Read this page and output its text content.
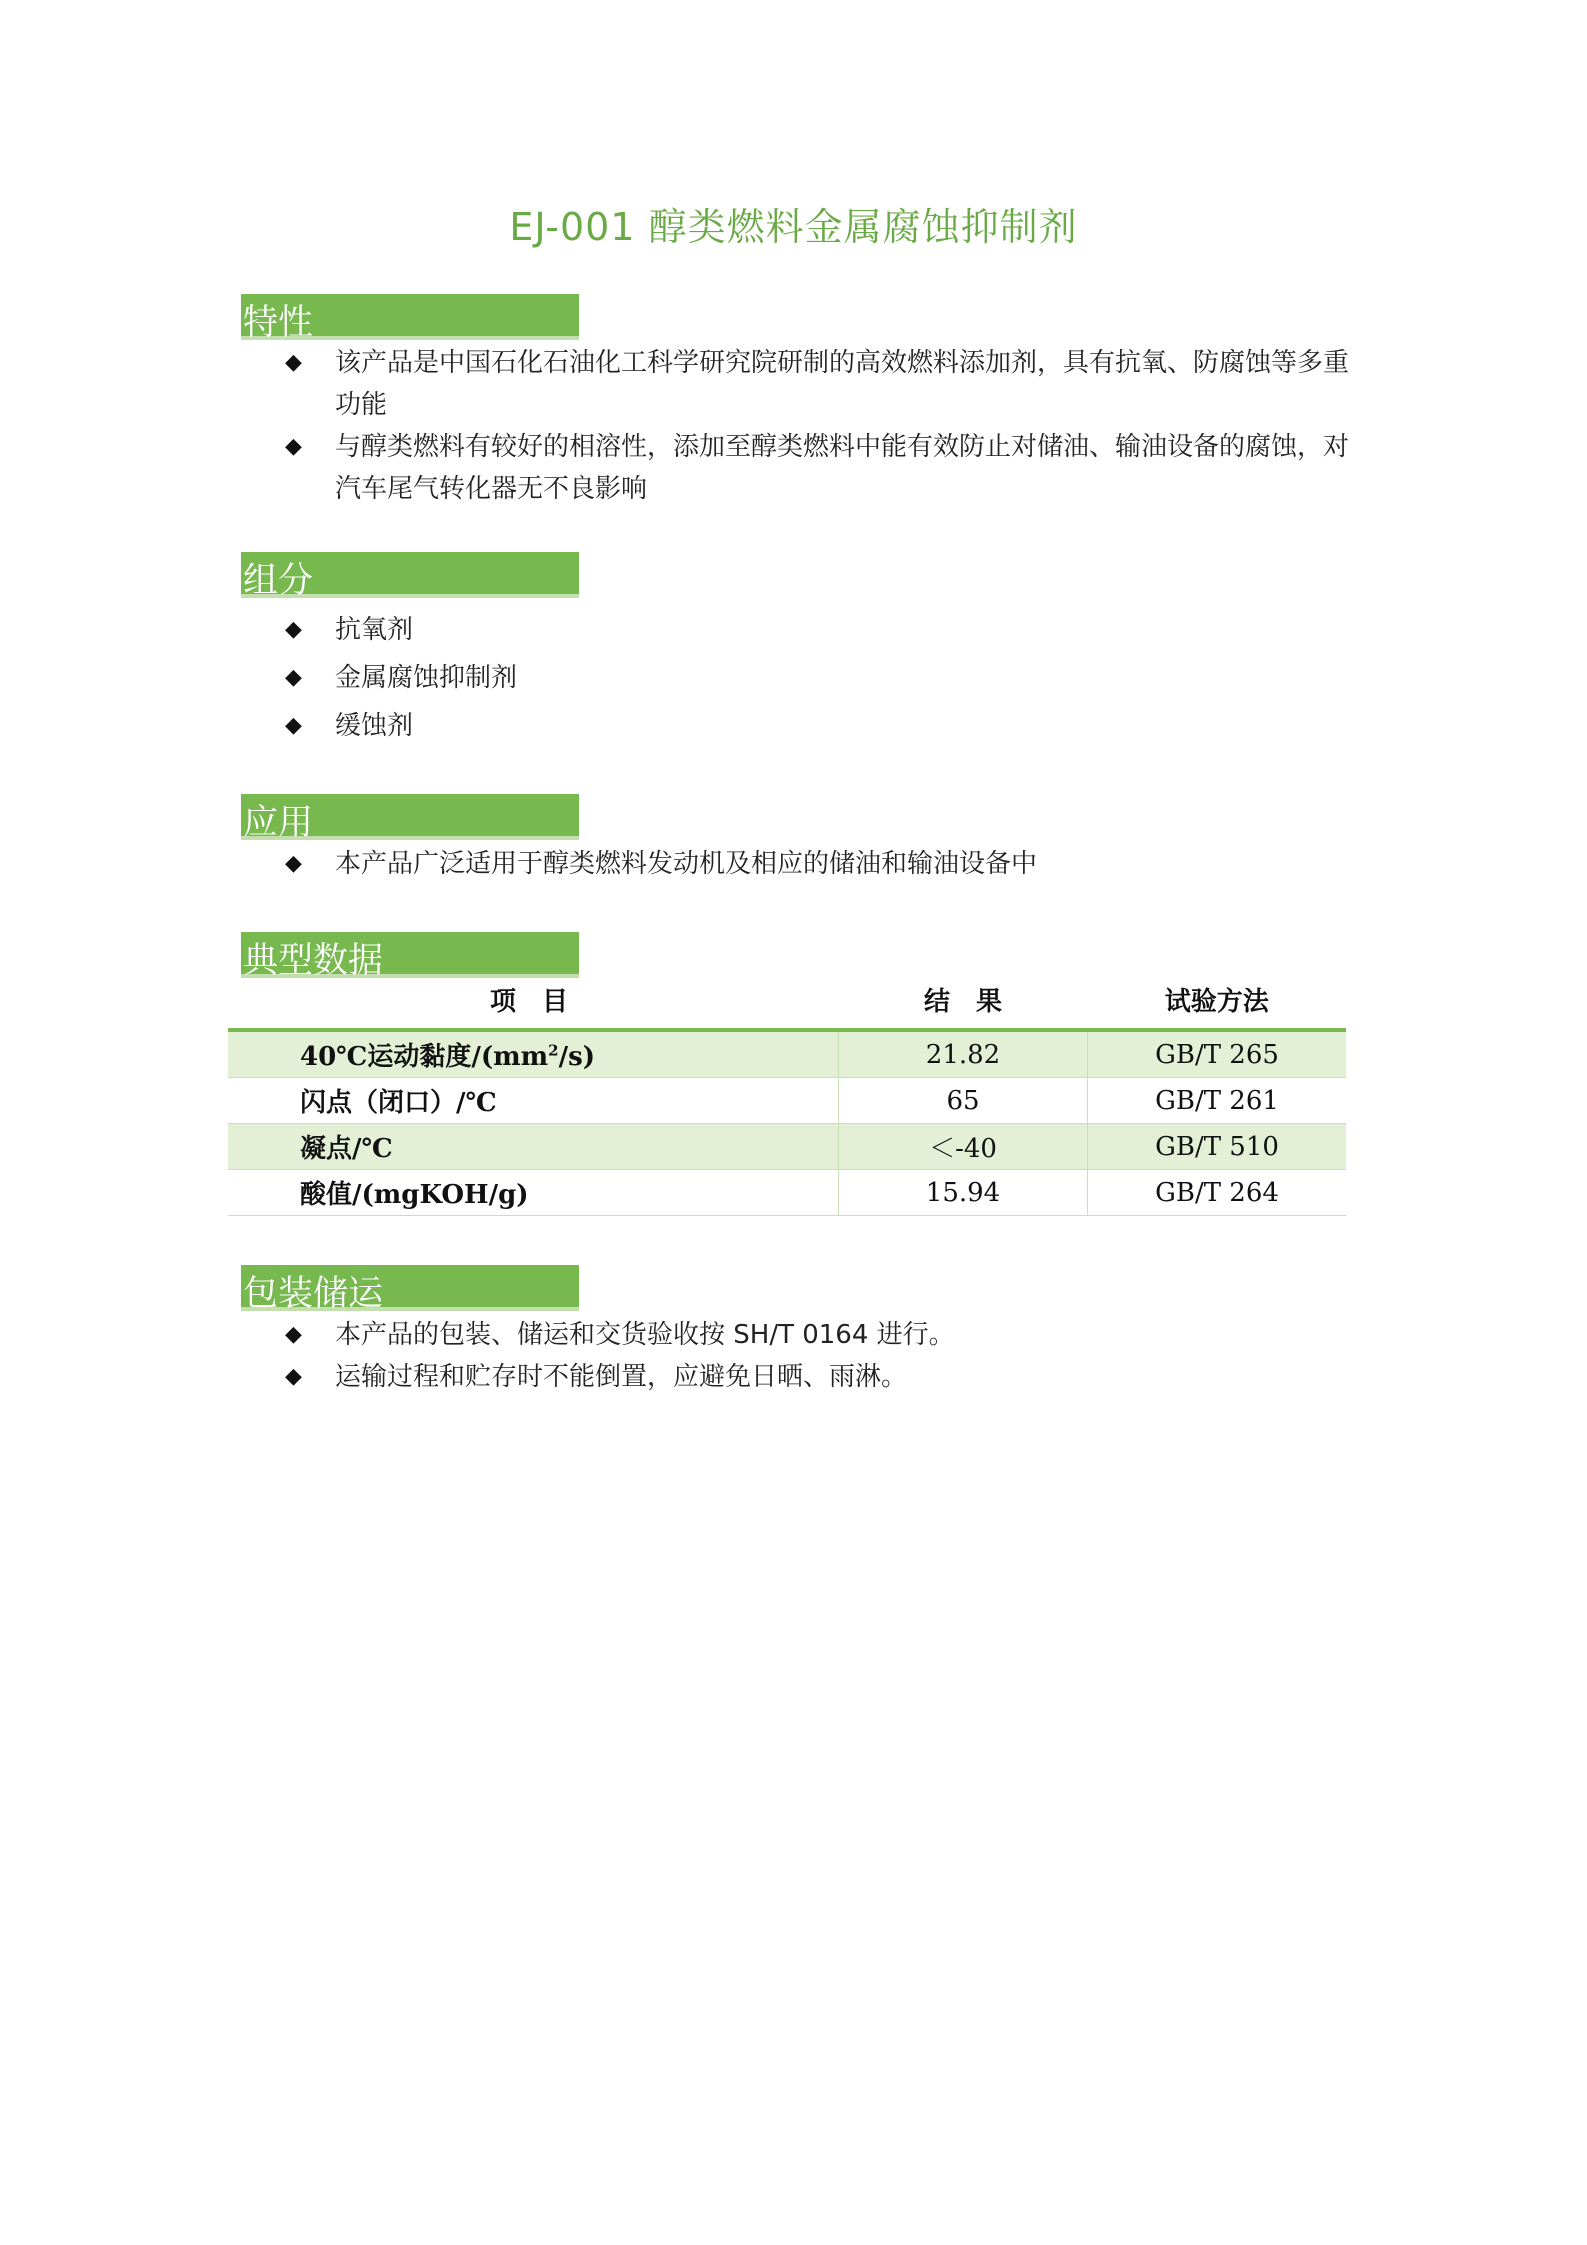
EJ-001 醇类燃料金属腐蚀抑制剂
特性
◆ 该产品是中国石化石油化工科学研究院研制的高效燃料添加剂，具有抗氧、防腐蚀等多重功能
◆ 与醇类燃料有较好的相溶性，添加至醇类燃料中能有效防止对储油、输油设备的腐蚀，对汽车尾气转化器无不良影响
组分
◆ 抗氧剂
◆ 金属腐蚀抑制剂
◆ 缓蚀剂
应用
◆ 本产品广泛适用于醇类燃料发动机及相应的储油和输油设备中
典型数据
项　目	结　果	试验方法
40℃运动黏度$/(mm^2/s)$	21.82	GB/T 265
闪点（闭口）/℃	65	GB/T 261
凝点/℃	＜-40	GB/T 510
酸值/(mgKOH/g)	15.94	GB/T 264
包装储运
◆ 本产品的包装、储运和交货验收按 SH/T 0164 进行。
◆ 运输过程和贮存时不能倒置，应避免日晒、雨淋。
